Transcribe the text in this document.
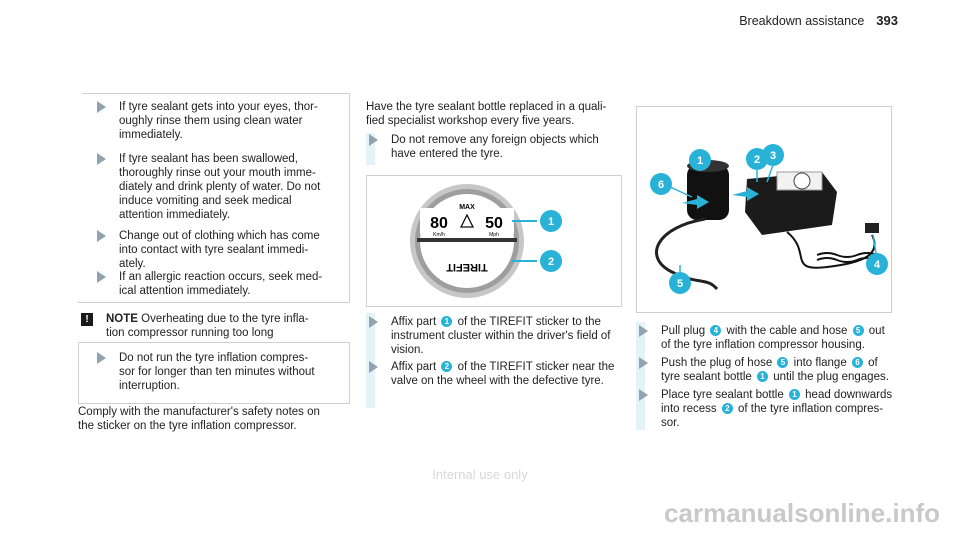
Breakdown assistance 393
If tyre sealant gets into your eyes, thor-
oughly rinse them using clean water
immediately.
If tyre sealant has been swallowed,
thoroughly rinse out your mouth imme-
diately and drink plenty of water. Do not
induce vomiting and seek medical
attention immediately.
Change out of clothing which has come
into contact with tyre sealant immedi-
ately.
If an allergic reaction occurs, seek med-
ical attention immediately.
!	NOTE Overheating due to the tyre infla-
tion compressor running too long
Do not run the tyre inflation compres-
sor for longer than ten minutes without
interruption.
Comply with the manufacturer's safety notes on
the sticker on the tyre inflation compressor.
Have the tyre sealant bottle replaced in a quali-
fied specialist workshop every five years.
Do not remove any foreign objects which
have entered the tyre.
MAX
80 50
Km/h	Mph
TIREFIT
1
2
Affix part 1 of the TIREFIT sticker to the
instrument cluster within the driver's field of
vision.
Affix part 2 of the TIREFIT sticker near the
valve on the wheel with the defective tyre.
1	2 3
6
5
4
Pull plug 4 with the cable and hose 5 out
of the tyre inflation compressor housing.
Push the plug of hose 5 into flange 6 of
tyre sealant bottle 1 until the plug engages.
Place tyre sealant bottle 1 head downwards
into recess 2 of the tyre inflation compres-
sor.
Internal use only
carmanualsonline.info
